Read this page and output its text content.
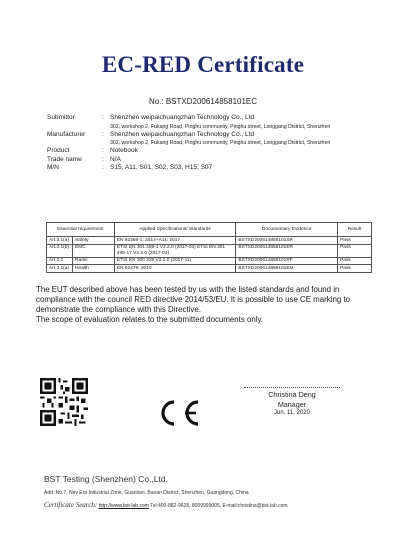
EC-RED Certificate
No.: BSTXD200614858101EC
Submittor	: Shenzhen weipaichuangzhan Technology Co., Ltd
302, workshop 2, Fukang Road, Pinghu community, Pinghu street, Longgang District, Shenzhen
Manufacturer	: Shenzhen weipaichuangzhan Technology Co., Ltd
302, workshop 2, Fukang Road, Pinghu community, Pinghu street, Longgang District, Shenzhen
Product	: Notebook
Trade name	: N/A
M/N	: S15, A11, S01, S02, S03, H15, S07
Essential requirement		Applied Specifications/ Standards	Documentary Evidence	Result
Art.3.1(a)	Safety	EN 62368-1: 2014+A11: 2017	BSTXD200614858101SR	Pass
Art.3.1(b)	EMC	ETSI EN 301 489-1 V2.2.0 (2017-03) ETSI EN 301 489-17 V3.2.0 (2017-03)	BSTXD200614858101ER	Pass
Art.3.2	Radio	ETSI EN 300 328 V2.2.0 (2017-11)	BSTXD200614858101RF	Pass
Art.3.1(a)	Health	EN 62479: 2010	BSTXD200614858101EM	Pass

The EUT described above has been tested by us with the listed standards and found in compliance with the council RED directive 2014/53/EU. It is possible to use CE marking to demonstrate the compliance with this Directive.

The scope of evaluation relates to the submitted documents only.

Christina Deng
Manager
Jun. 11, 2020
BST Testing (Shenzhen) Co.,Ltd.
Add.:No.7, Nev Era Industrial Zone, Guantian, Baoan District, Shenzhen, Guangdong, China
Certificate Search: http://www.bst-lab.com Tel:400-882-9628, 8009999005, E-mail:christina@bst-lab.com
